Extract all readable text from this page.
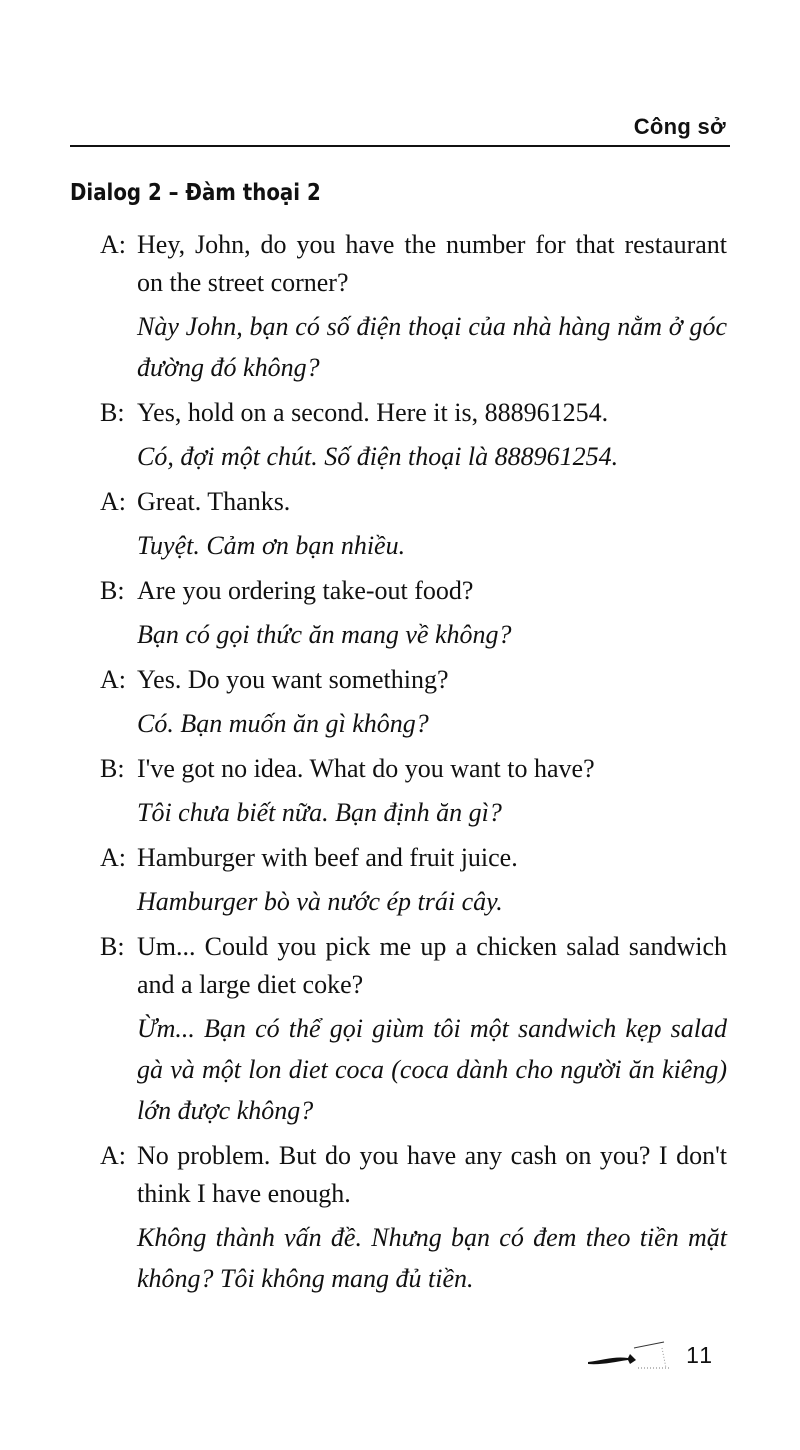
Công sở
Dialog 2 – Đàm thoại 2
A: Hey, John, do you have the number for that restaurant on the street corner?
Này John, bạn có số điện thoại của nhà hàng nằm ở góc đường đó không?
B: Yes, hold on a second. Here it is, 888961254.
Có, đợi một chút. Số điện thoại là 888961254.
A: Great. Thanks.
Tuyệt. Cảm ơn bạn nhiều.
B: Are you ordering take-out food?
Bạn có gọi thức ăn mang về không?
A: Yes. Do you want something?
Có. Bạn muốn ăn gì không?
B: I've got no idea. What do you want to have?
Tôi chưa biết nữa. Bạn định ăn gì?
A: Hamburger with beef and fruit juice.
Hamburger bò và nước ép trái cây.
B: Um... Could you pick me up a chicken salad sandwich and a large diet coke?
Ừm... Bạn có thể gọi giùm tôi một sandwich kẹp salad gà và một lon diet coca (coca dành cho người ăn kiêng) lớn được không?
A: No problem. But do you have any cash on you? I don't think I have enough.
Không thành vấn đề. Nhưng bạn có đem theo tiền mặt không? Tôi không mang đủ tiền.
11
